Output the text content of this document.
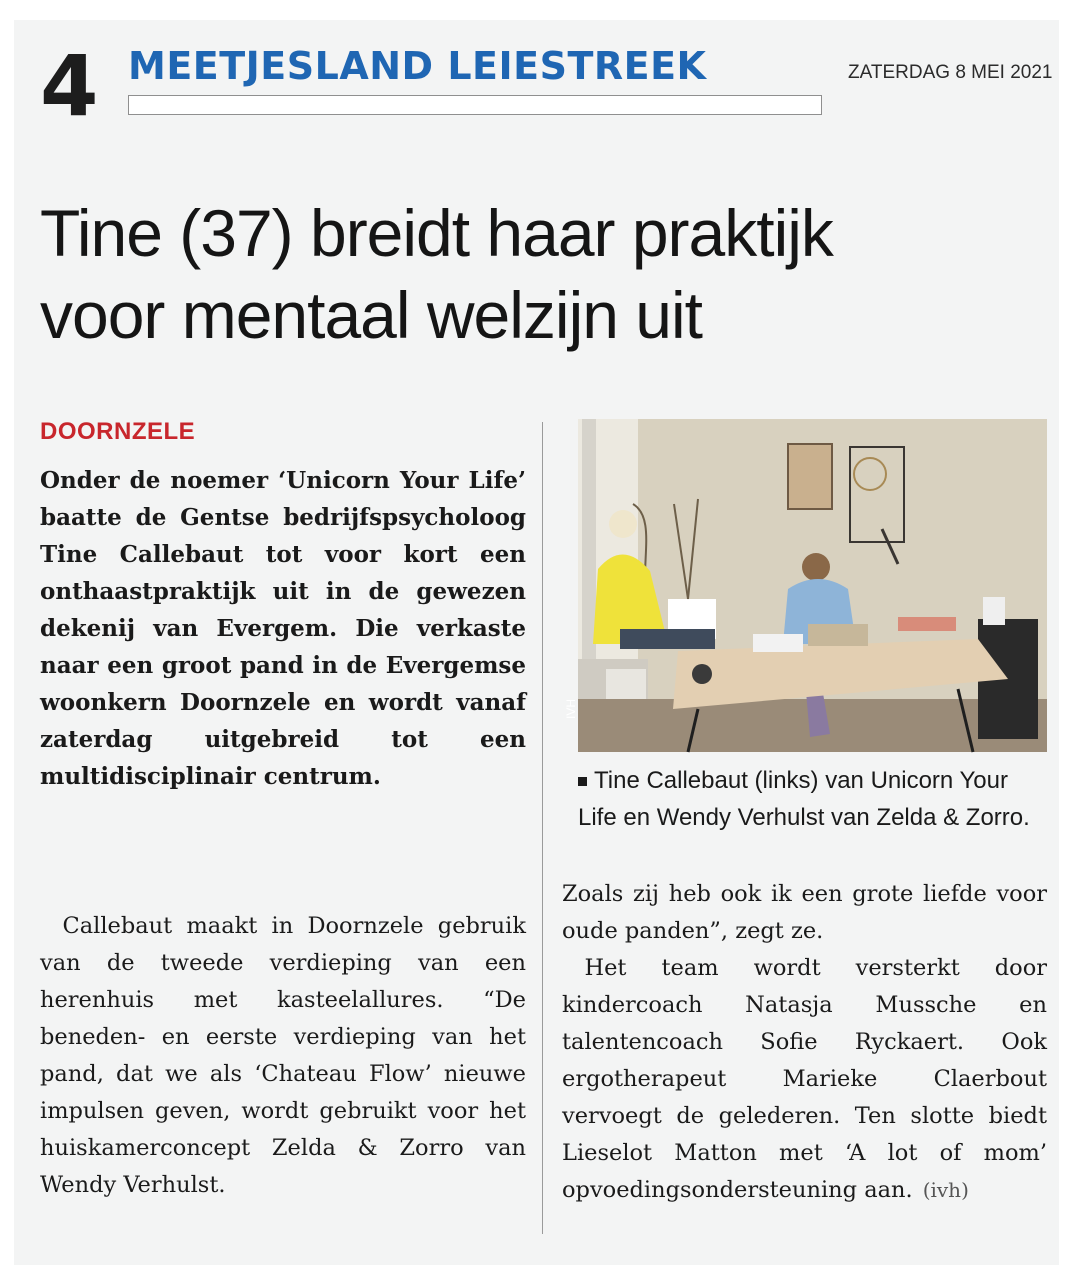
4 MEETJESLAND LEIESTREEK	ZATERDAG 8 MEI 2021
Tine (37) breidt haar praktijk
voor mentaal welzijn uit
DOORNZELE

Onder de noemer ‘Unicorn Your Life’ baatte de Gentse bedrijfspsycholoog Tine Callebaut tot voor kort een onthaastpraktijk uit in de gewezen dekenij van Evergem. Die verkaste naar een groot pand in de Evergemse woonkern Doornzele en wordt vanaf zaterdag uitgebreid tot een multidisciplinair centrum.

Callebaut maakt in Doornzele gebruik van de tweede verdieping van een herenhuis met kasteelallures. “De beneden- en eerste verdieping van het pand, dat we als ‘Chateau Flow’ nieuwe impulsen geven, wordt gebruikt voor het huiskamerconcept Zelda & Zorro van Wendy Verhulst.

IVH

Tine Callebaut (links) van Unicorn Your Life en Wendy Verhulst van Zelda & Zorro.

Zoals zij heb ook ik een grote liefde voor oude panden”, zegt ze.

Het team wordt versterkt door kindercoach Natasja Mussche en talentencoach Sofie Ryckaert. Ook ergotherapeut Marieke Claerbout vervoegt de gelederen. Ten slotte biedt Lieselot Matton met ‘A lot of mom’ opvoedingsondersteuning aan. (ivh)
